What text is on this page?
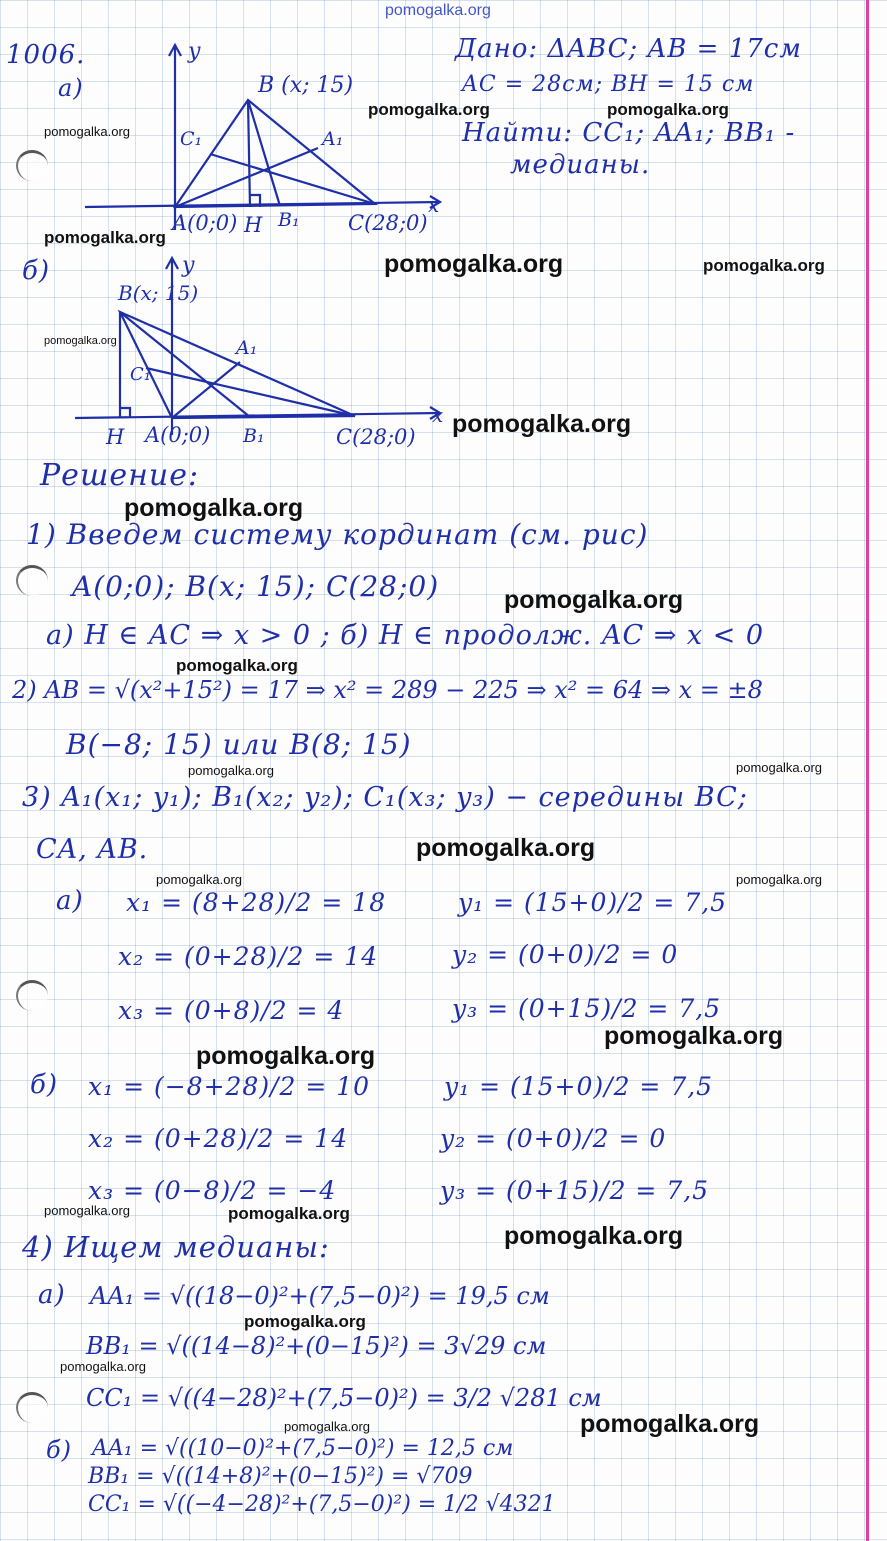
pomogalka.org
1006.	Дано: ΔABC; AB = 17см
AC = 28см; BH = 15 см
Найти: CC₁; AA₁; BB₁ -
медианы.
а)
y
x
B (x; 15)
C₁	A₁
A(0;0) H B₁ C(28;0)
б)	y
x
B(x; 15)
C₁
A₁
H A(0;0) B₁	C(28;0)
Решение:
1) Введем систему кординат (см. рис)
A(0;0); B(x; 15); C(28;0)
а) H ∈ AC ⇒ x > 0 ; б) H ∈ продолж. AC ⇒ x < 0
2) AB = √(x²+15²) = 17 ⇒ x² = 289 − 225 ⇒ x² = 64 ⇒ x = ±8
B(−8; 15) или B(8; 15)
3) A₁(x₁; y₁); B₁(x₂; y₂); C₁(x₃; y₃) − середины BC;
CA, AB.
а) x₁ = (8+28)/2 = 18
x₂ = (0+28)/2 = 14
x₃ = (0+8)/2 = 4
y₁ = (15+0)/2 = 7,5
y₂ = (0+0)/2 = 0
y₃ = (0+15)/2 = 7,5
б) x₁ = (−8+28)/2 = 10
x₂ = (0+28)/2 = 14
x₃ = (0−8)/2 = −4
y₁ = (15+0)/2 = 7,5
y₂ = (0+0)/2 = 0
y₃ = (0+15)/2 = 7,5
4) Ищем медианы:
а) AA₁ = √((18−0)²+(7,5−0)²) = 19,5 см
BB₁ = √((14−8)²+(0−15)²) = 3√29 см
CC₁ = √((4−28)²+(7,5−0)²) = 3/2 √281 см
б) AA₁ = √((10−0)²+(7,5−0)²) = 12,5 см
BB₁ = √((14+8)²+(0−15)²) = √709
CC₁ = √((−4−28)²+(7,5−0)²) = 1/2 √4321
pomogalka.org
pomogalka.org	pomogalka.org
pomogalka.org
pomogalka.org	pomogalka.org
pomogalka.org
pomogalka.org
pomogalka.org
pomogalka.org
pomogalka.org
pomogalka.org	pomogalka.org
pomogalka.org
pomogalka.org	pomogalka.org
pomogalka.org
pomogalka.org
pomogalka.org	pomogalka.org
pomogalka.org
pomogalka.org
pomogalka.org
pomogalka.org
pomogalka.org
